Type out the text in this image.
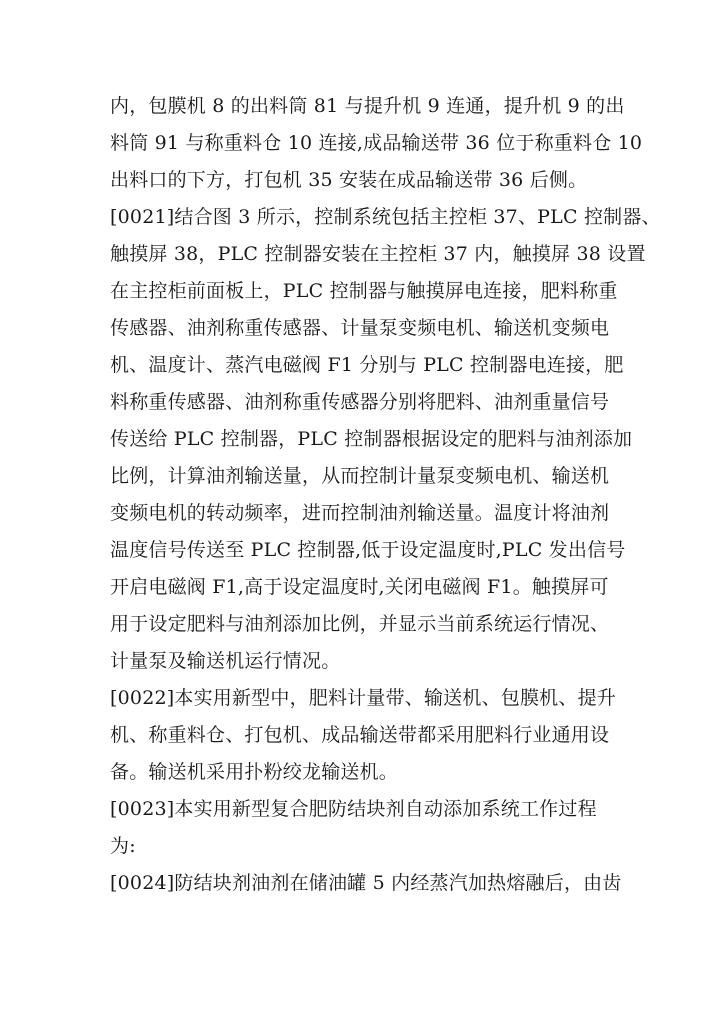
内，包膜机 8 的出料筒 81 与提升机 9 连通，提升机 9 的出
料筒 91 与称重料仓 10 连接,成品输送带 36 位于称重料仓 10
出料口的下方，打包机 35 安装在成品输送带 36 后侧。
[0021]结合图 3 所示，控制系统包括主控柜 37、PLC 控制器、
触摸屏 38，PLC 控制器安装在主控柜 37 内，触摸屏 38 设置
在主控柜前面板上，PLC 控制器与触摸屏电连接，肥料称重
传感器、油剂称重传感器、计量泵变频电机、输送机变频电
机、温度计、蒸汽电磁阀 F1 分别与 PLC 控制器电连接，肥
料称重传感器、油剂称重传感器分别将肥料、油剂重量信号
传送给 PLC 控制器，PLC 控制器根据设定的肥料与油剂添加
比例，计算油剂输送量，从而控制计量泵变频电机、输送机
变频电机的转动频率，进而控制油剂输送量。温度计将油剂
温度信号传送至 PLC 控制器,低于设定温度时,PLC 发出信号
开启电磁阀 F1,高于设定温度时,关闭电磁阀 F1。触摸屏可
用于设定肥料与油剂添加比例，并显示当前系统运行情况、
计量泵及输送机运行情况。
[0022]本实用新型中，肥料计量带、输送机、包膜机、提升
机、称重料仓、打包机、成品输送带都采用肥料行业通用设
备。输送机采用扑粉绞龙输送机。
[0023]本实用新型复合肥防结块剂自动添加系统工作过程
为:
[0024]防结块剂油剂在储油罐 5 内经蒸汽加热熔融后，由齿
